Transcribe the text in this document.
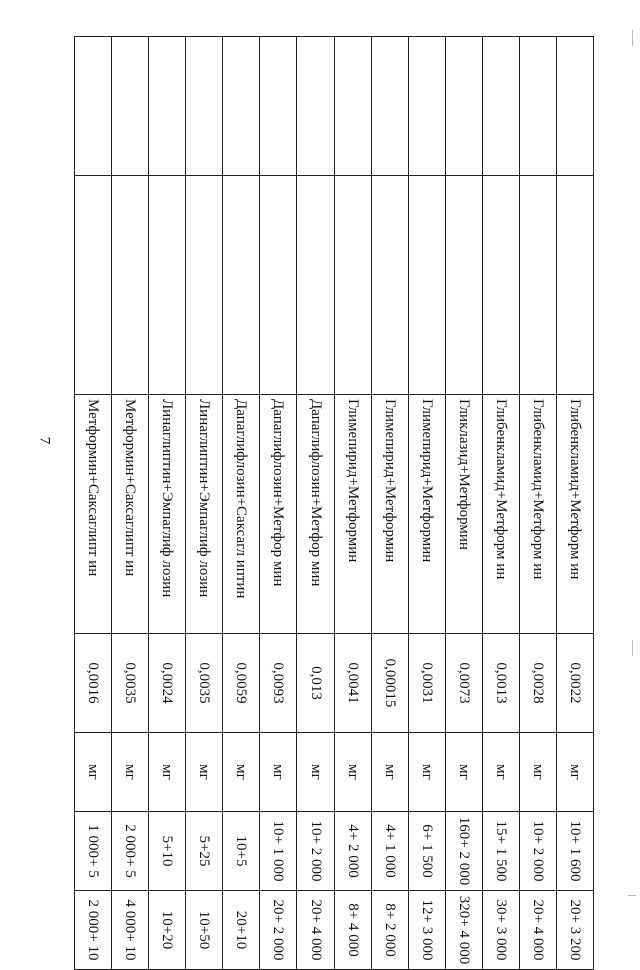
7
			Глибенкламид+Метформ ин	0,0022	мг	10+ 1 600	20+ 3 200
		Глибенкламид+Метформ ин	0,0028	мг	10+ 2 000	20+ 4 000
		Глибенкламид+Метформ ин	0,0013	мг	15+ 1 500	30+ 3 000
		Гликлазид+Метформин	0,0073	мг	160+ 2 000	320+ 4 000
		Глимепирид+Метформин	0,0031	мг	6+ 1 500	12+ 3 000
		Глимепирид+Метформин	0,00015	мг	4+ 1 000	8+ 2 000
		Глимепирид+Метформин	0,0041	мг	4+ 2 000	8+ 4 000
		Дапаглифлозин+Метфор мин	0,013	мг	10+ 2 000	20+ 4 000
		Дапаглифлозин+Метфор мин	0,0093	мг	10+ 1 000	20+ 2 000
		Дапаглифлозин+Саксагл иптин	0,0059	мг	10+5	20+10
		Линаглиптин+Эмпаглиф лозин	0,0035	мг	5+25	10+50
		Линаглиптин+Эмпаглиф лозин	0,0024	мг	5+10	10+20
		Метформин+Саксаглипт ин	0,0035	мг	2 000+ 5	4 000+ 10
		Метформин+Саксаглипт ин	0,0016	мг	1 000+ 5	2 000+ 10
